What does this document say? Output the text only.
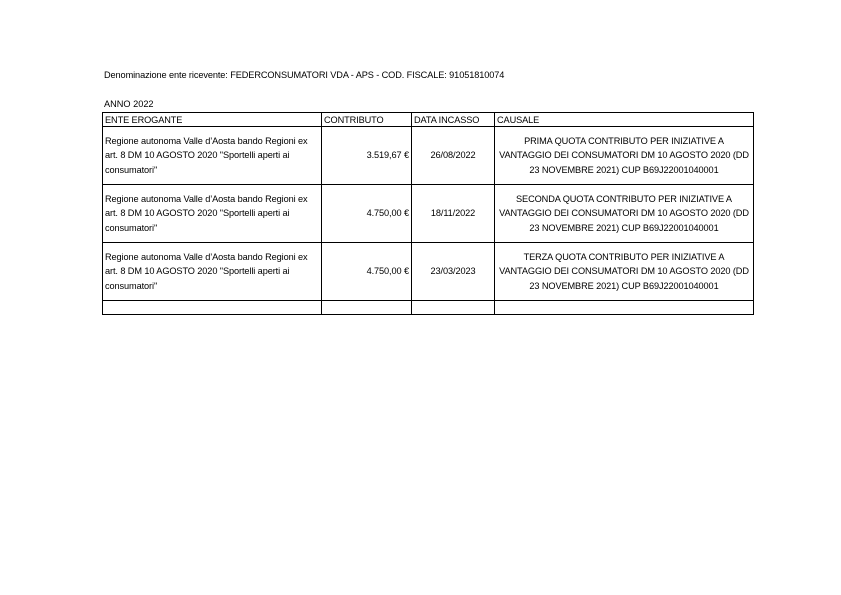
Denominazione ente ricevente: FEDERCONSUMATORI VDA - APS - COD. FISCALE: 91051810074
ANNO 2022
ENTE EROGANTE	CONTRIBUTO	DATA INCASSO	CAUSALE
Regione autonoma Valle d’Aosta bando Regioni ex art. 8 DM 10 AGOSTO 2020 "Sportelli aperti ai consumatori"	3.519,67 €	26/08/2022	PRIMA QUOTA CONTRIBUTO PER INIZIATIVE A VANTAGGIO DEI CONSUMATORI DM 10 AGOSTO 2020 (DD 23 NOVEMBRE 2021) CUP B69J22001040001
Regione autonoma Valle d’Aosta bando Regioni ex art. 8 DM 10 AGOSTO 2020 "Sportelli aperti ai consumatori"	4.750,00 €	18/11/2022	SECONDA QUOTA CONTRIBUTO PER INIZIATIVE A VANTAGGIO DEI CONSUMATORI DM 10 AGOSTO 2020 (DD 23 NOVEMBRE 2021) CUP B69J22001040001
Regione autonoma Valle d’Aosta bando Regioni ex art. 8 DM 10 AGOSTO 2020 "Sportelli aperti ai consumatori"	4.750,00 €	23/03/2023	TERZA QUOTA CONTRIBUTO PER INIZIATIVE A VANTAGGIO DEI CONSUMATORI DM 10 AGOSTO 2020 (DD 23 NOVEMBRE 2021) CUP B69J22001040001
